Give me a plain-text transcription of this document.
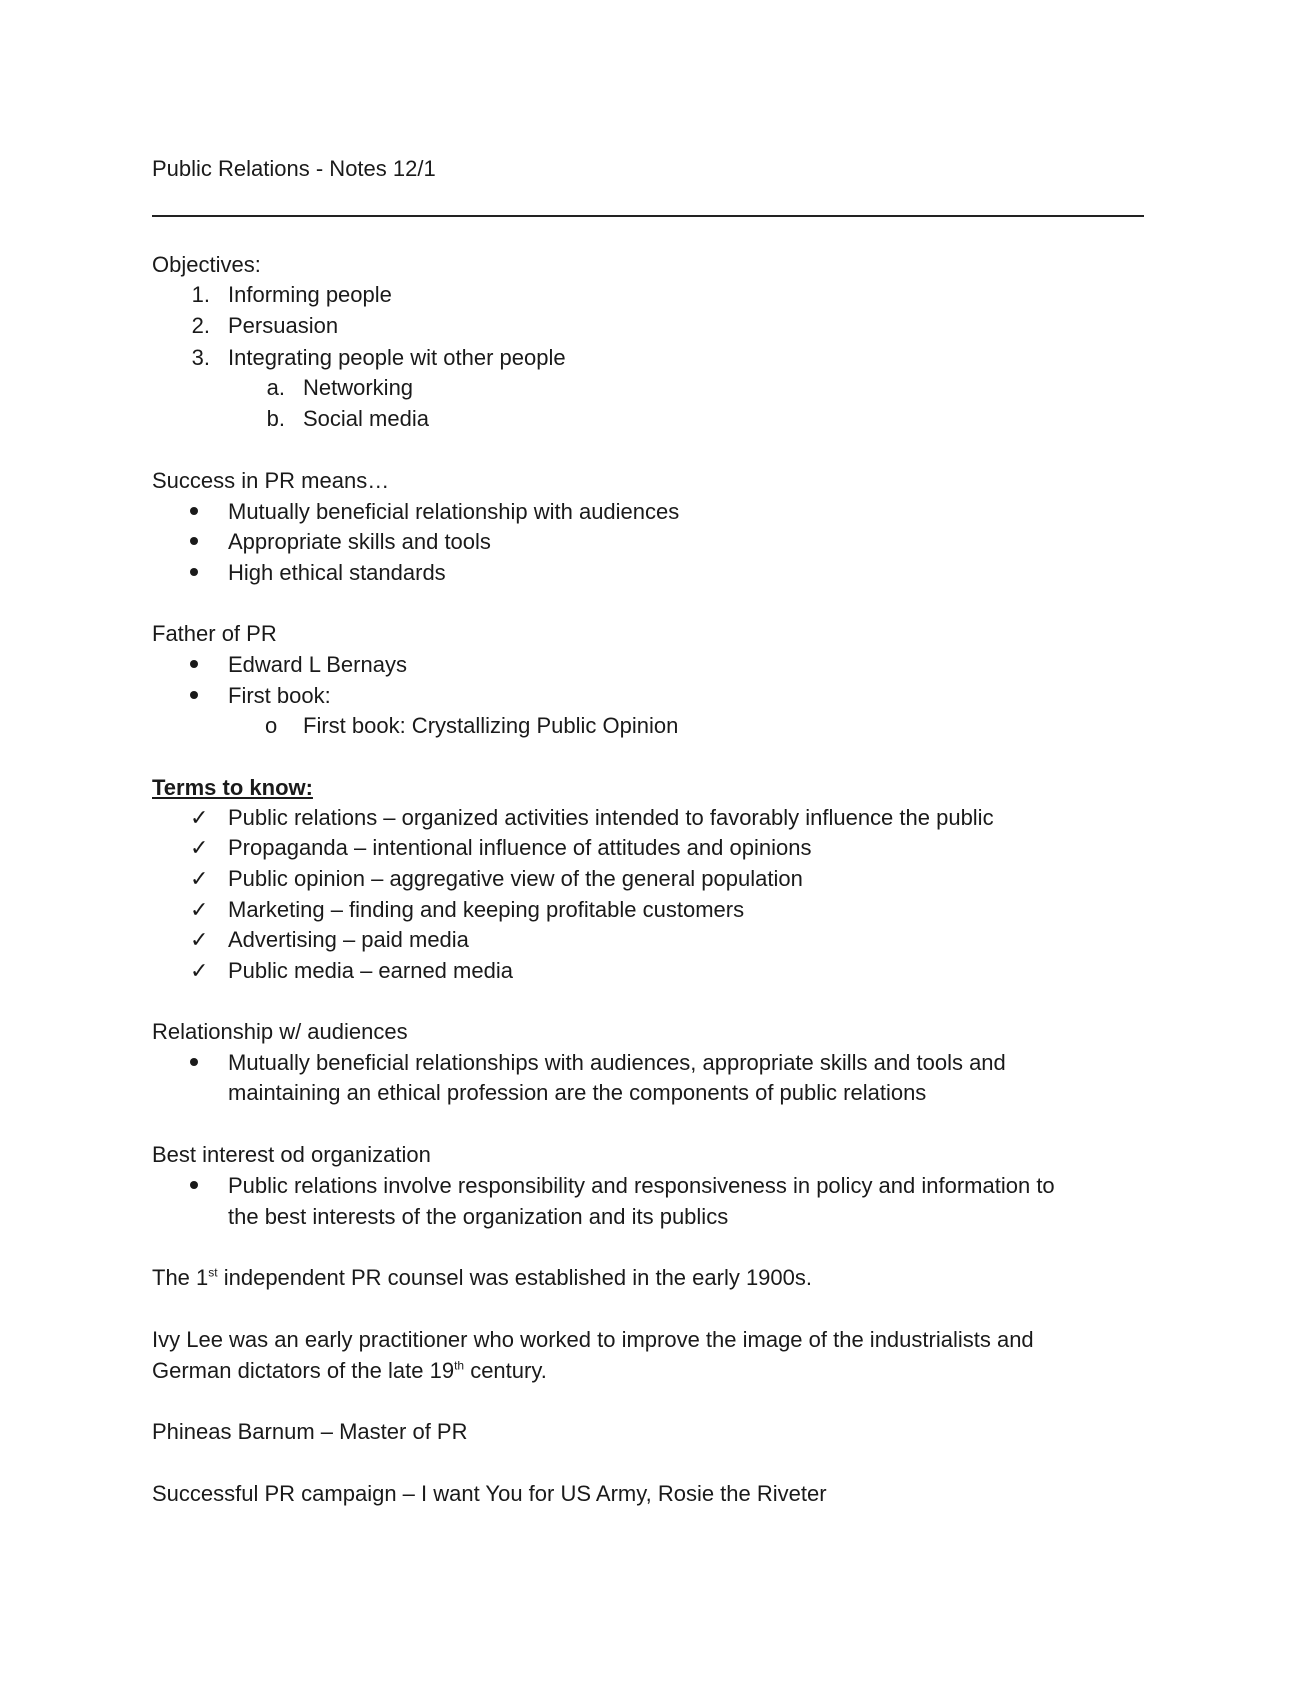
Public Relations - Notes 12/1
Objectives:
1. Informing people
2. Persuasion
3. Integrating people wit other people
a. Networking
b. Social media
Success in PR means…
Mutually beneficial relationship with audiences
Appropriate skills and tools
High ethical standards
Father of PR
Edward L Bernays
First book:
o First book: Crystallizing Public Opinion
Terms to know:
✓ Public relations – organized activities intended to favorably influence the public
✓ Propaganda – intentional influence of attitudes and opinions
✓ Public opinion – aggregative view of the general population
✓ Marketing – finding and keeping profitable customers
✓ Advertising – paid media
✓ Public media – earned media
Relationship w/ audiences
Mutually beneficial relationships with audiences, appropriate skills and tools and
maintaining an ethical profession are the components of public relations
Best interest od organization
Public relations involve responsibility and responsiveness in policy and information to
the best interests of the organization and its publics
The 1st independent PR counsel was established in the early 1900s.
Ivy Lee was an early practitioner who worked to improve the image of the industrialists and
German dictators of the late 19th century.
Phineas Barnum – Master of PR
Successful PR campaign – I want You for US Army, Rosie the Riveter
